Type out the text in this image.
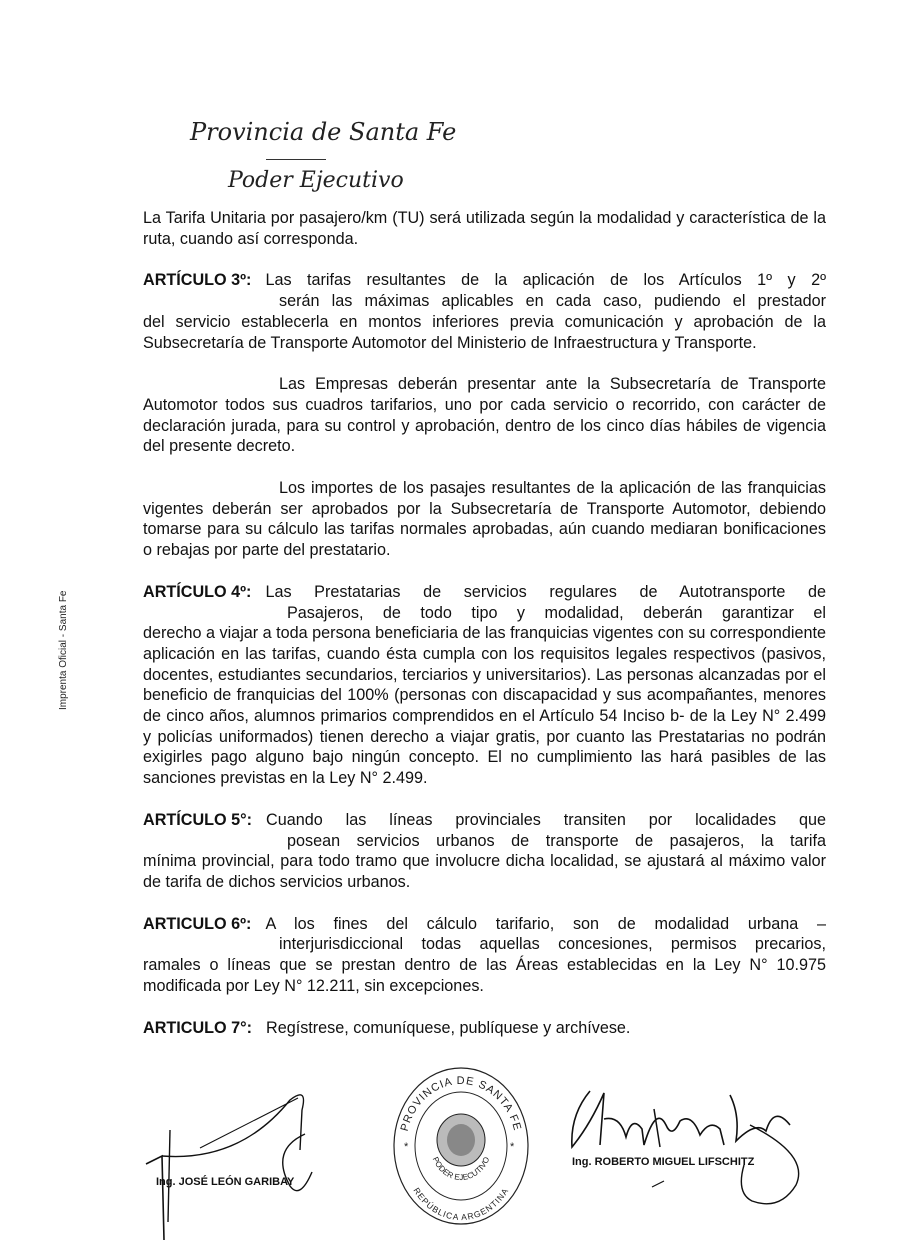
Imprenta Oficial - Santa Fe
Provincia de Santa Fe
Poder Ejecutivo

La Tarifa Unitaria por pasajero/km (TU) será utilizada según la modalidad y característica de la ruta, cuando así corresponda.

ARTÍCULO 3º: Las tarifas resultantes de la aplicación de los Artículos 1º y 2º
serán las máximas aplicables en cada caso, pudiendo el prestador
del servicio establecerla en montos inferiores previa comunicación y aprobación de la Subsecretaría de Transporte Automotor del Ministerio de Infraestructura y Transporte.

Las Empresas deberán presentar ante la Subsecretaría de Transporte Automotor todos sus cuadros tarifarios, uno por cada servicio o recorrido, con carácter de declaración jurada, para su control y aprobación, dentro de los cinco días hábiles de vigencia del presente decreto.

Los importes de los pasajes resultantes de la aplicación de las franquicias vigentes deberán ser aprobados por la Subsecretaría de Transporte Automotor, debiendo tomarse para su cálculo las tarifas normales aprobadas, aún cuando mediaran bonificaciones o rebajas por parte del prestatario.

ARTÍCULO 4º: Las Prestatarias de servicios regulares de Autotransporte de
Pasajeros, de todo tipo y modalidad, deberán garantizar el
derecho a viajar a toda persona beneficiaria de las franquicias vigentes con su correspondiente aplicación en las tarifas, cuando ésta cumpla con los requisitos legales respectivos (pasivos, docentes, estudiantes secundarios, terciarios y universitarios). Las personas alcanzadas por el beneficio de franquicias del 100% (personas con discapacidad y sus acompañantes, menores de cinco años, alumnos primarios comprendidos en el Artículo 54 Inciso b- de la Ley N° 2.499 y policías uniformados) tienen derecho a viajar gratis, por cuanto las Prestatarias no podrán exigirles pago alguno bajo ningún concepto. El no cumplimiento las hará pasibles de las sanciones previstas en la Ley N° 2.499.
ARTÍCULO 5°: Cuando las líneas provinciales transiten por localidades que
posean servicios urbanos de transporte de pasajeros, la tarifa
mínima provincial, para todo tramo que involucre dicha localidad, se ajustará al máximo valor de tarifa de dichos servicios urbanos.
ARTICULO 6º: A los fines del cálculo tarifario, son de modalidad urbana –
interjurisdiccional todas aquellas concesiones, permisos precarios,
ramales o líneas que se prestan dentro de las Áreas establecidas en la Ley N° 10.975 modificada por Ley N° 12.211, sin excepciones.
ARTICULO 7°: Regístrese, comuníquese, publíquese y archívese.
Ing. JOSÉ LEÓN GARIBAY
PROVINCIA DE SANTA FE
PODER EJECUTIVO
REPÚBLICA ARGENTINA
*	*
Ing. ROBERTO MIGUEL LIFSCHITZ
